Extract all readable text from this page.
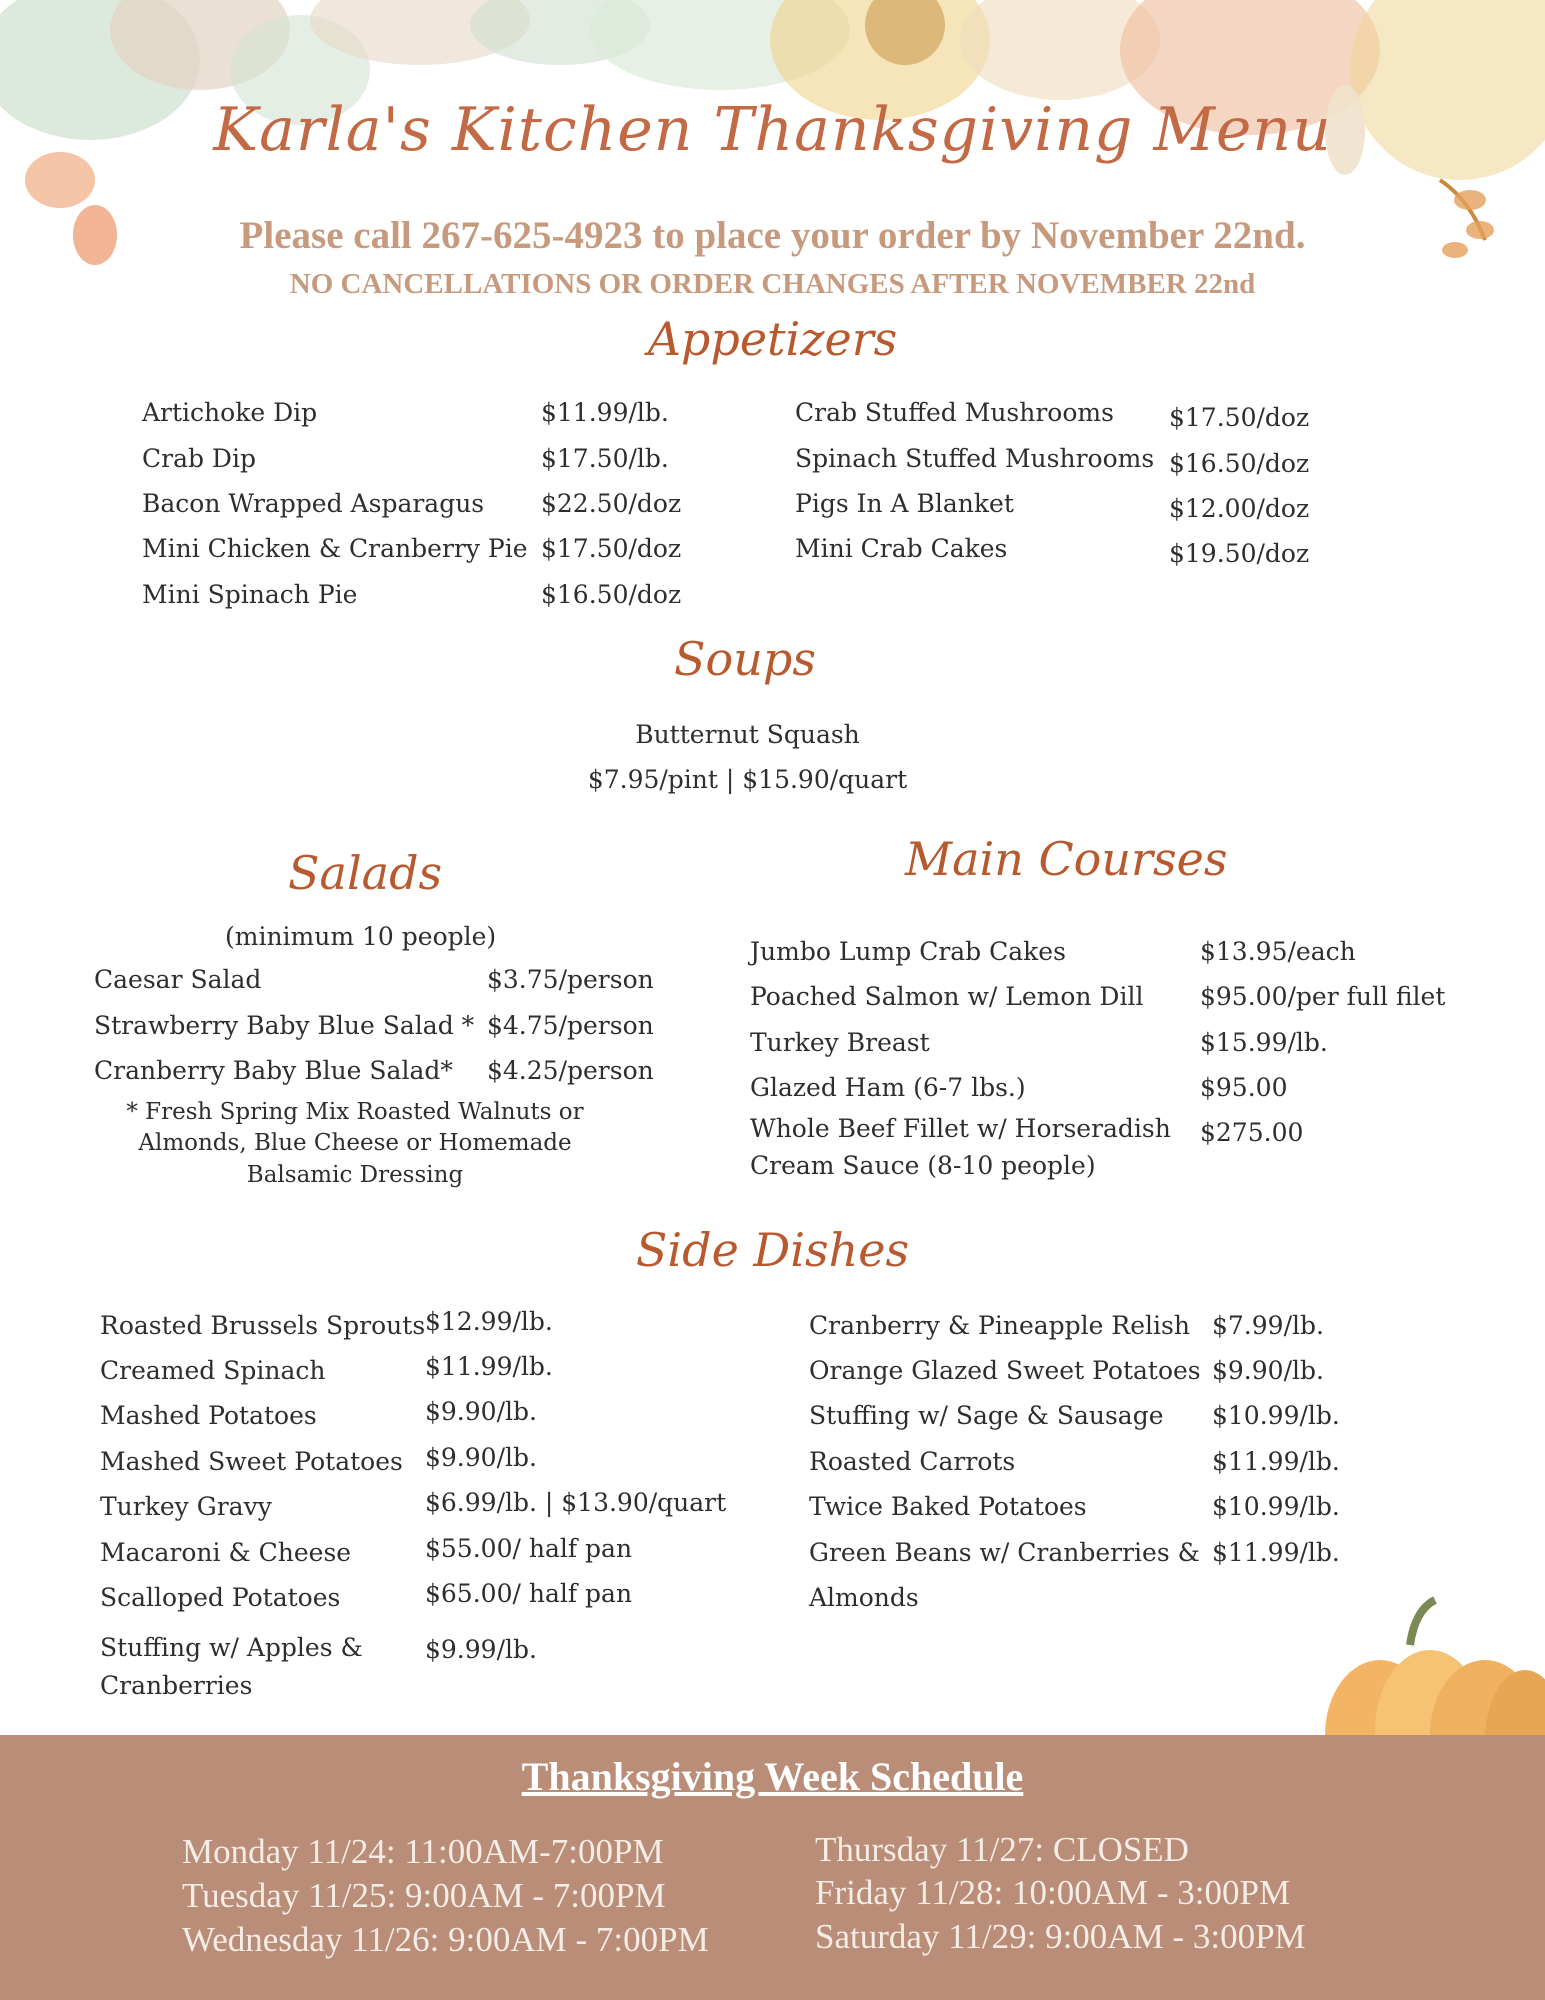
Karla's Kitchen Thanksgiving Menu
Please call 267-625-4923 to place your order by November 22nd.
NO CANCELLATIONS OR ORDER CHANGES AFTER NOVEMBER 22nd
Appetizers
Artichoke Dip	$11.99/lb.
Crab Dip	$17.50/lb.
Bacon Wrapped Asparagus $22.50/doz
Mini Chicken & Cranberry Pie $17.50/doz
Mini Spinach Pie	$16.50/doz
Crab Stuffed Mushrooms $17.50/doz
Spinach Stuffed Mushrooms $16.50/doz
Pigs In A Blanket	$12.00/doz
Mini Crab Cakes	$19.50/doz
Soups
Butternut Squash
$7.95/pint | $15.90/quart
Salads
(minimum 10 people)
Caesar Salad	$3.75/person
Strawberry Baby Blue Salad * $4.75/person
Cranberry Baby Blue Salad* $4.25/person
* Fresh Spring Mix Roasted Walnuts or
Almonds, Blue Cheese or Homemade
Balsamic Dressing
Main Courses
Jumbo Lump Crab Cakes	$13.95/each
Poached Salmon w/ Lemon Dill $95.00/per full filet
Turkey Breast	$15.99/lb.
Glazed Ham (6-7 lbs.)	$95.00
Whole Beef Fillet w/ Horseradish
Cream Sauce (8-10 people)
$275.00
Side Dishes
Roasted Brussels Sprouts $12.99/lb.
Creamed Spinach	$11.99/lb.
Mashed Potatoes	$9.90/lb.
Mashed Sweet Potatoes $9.90/lb.
Turkey Gravy	$6.99/lb. | $13.90/quart
Macaroni & Cheese	$55.00/ half pan
Scalloped Potatoes	$65.00/ half pan
Stuffing w/ Apples &
Cranberries
$9.99/lb.
Cranberry & Pineapple Relish $7.99/lb.
Orange Glazed Sweet Potatoes $9.90/lb.
Stuffing w/ Sage & Sausage $10.99/lb.
Roasted Carrots	$11.99/lb.
Twice Baked Potatoes	$10.99/lb.
Green Beans w/ Cranberries &
Almonds
$11.99/lb.
Thanksgiving Week Schedule
Monday 11/24: 11:00AM-7:00PM
Tuesday 11/25: 9:00AM - 7:00PM
Wednesday 11/26: 9:00AM - 7:00PM
Thursday 11/27: CLOSED
Friday 11/28: 10:00AM - 3:00PM
Saturday 11/29: 9:00AM - 3:00PM
